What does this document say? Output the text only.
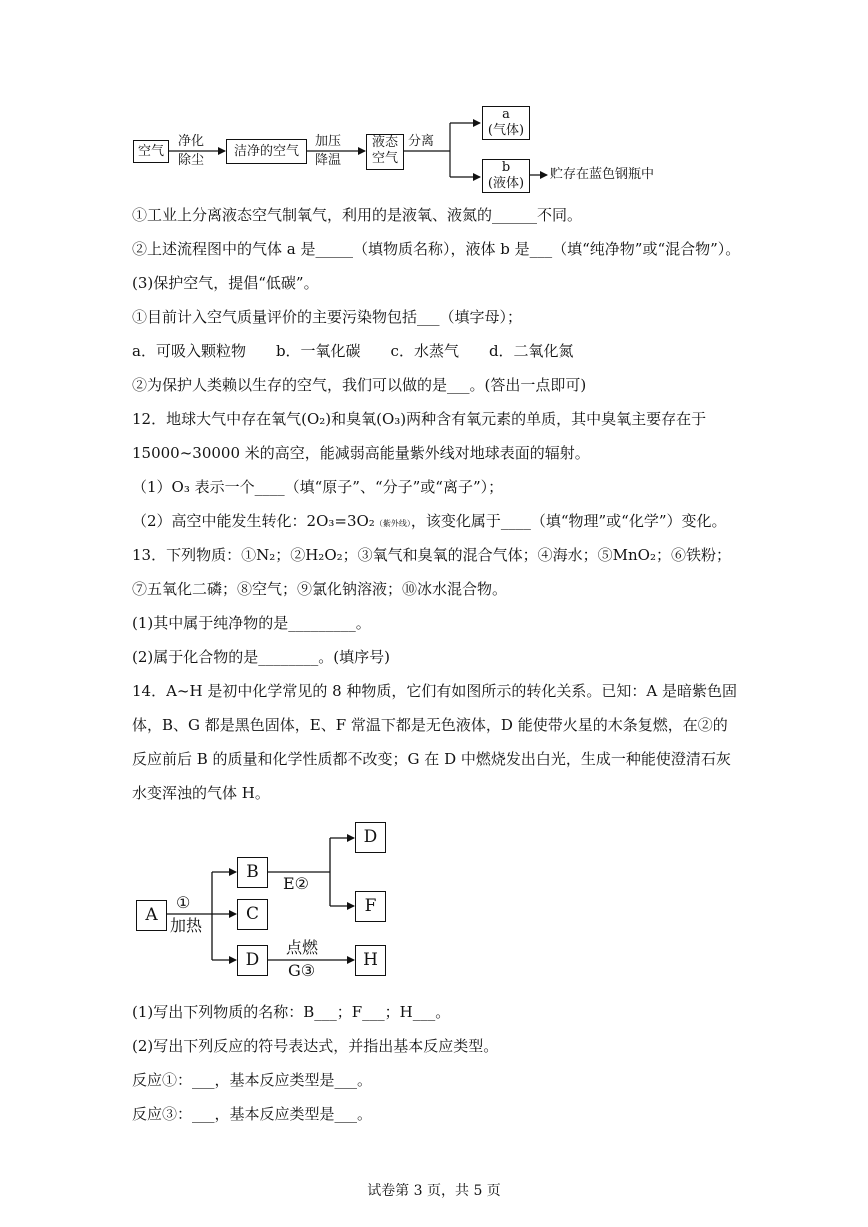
空气
净化
除尘
洁净的空气
加压
降温
液态
空气
分离
a
(气体)
b
(液体)
贮存在蓝色钢瓶中
①工业上分离液态空气制氧气，利用的是液氧、液氮的______不同。
②上述流程图中的气体 a 是_____（填物质名称），液体 b 是___（填“纯净物”或“混合物”）。
(3)保护空气，提倡“低碳”。
①目前计入空气质量评价的主要污染物包括___（填字母）；
a．可吸入颗粒物　　b．一氧化碳　　c．水蒸气　　d．二氧化氮
②为保护人类赖以生存的空气，我们可以做的是___。(答出一点即可)
12．地球大气中存在氧气(O₂)和臭氧(O₃)两种含有氧元素的单质，其中臭氧主要存在于
15000~30000 米的高空，能减弱高能量紫外线对地球表面的辐射。
（1）O₃ 表示一个____（填“原子”、“分子”或“离子”）；
（2）高空中能发生转化：2O₃=3O₂（紫外线），该变化属于____（填“物理”或“化学”）变化。
13．下列物质：①N₂；②H₂O₂；③氧气和臭氧的混合气体；④海水；⑤MnO₂；⑥铁粉；
⑦五氧化二磷；⑧空气；⑨氯化钠溶液；⑩冰水混合物。
(1)其中属于纯净物的是_________。
(2)属于化合物的是________。(填序号)
14．A~H 是初中化学常见的 8 种物质，它们有如图所示的转化关系。已知：A 是暗紫色固
体，B、G 都是黑色固体，E、F 常温下都是无色液体，D 能使带火星的木条复燃，在②的
反应前后 B 的质量和化学性质都不改变；G 在 D 中燃烧发出白光，生成一种能使澄清石灰
水变浑浊的气体 H。
A
B
C
D
D
F
H
①
加热
E②
点燃
G③
(1)写出下列物质的名称：B___；F___；H___。
(2)写出下列反应的符号表达式，并指出基本反应类型。
反应①：___，基本反应类型是___。
反应③：___，基本反应类型是___。
试卷第 3 页，共 5 页
